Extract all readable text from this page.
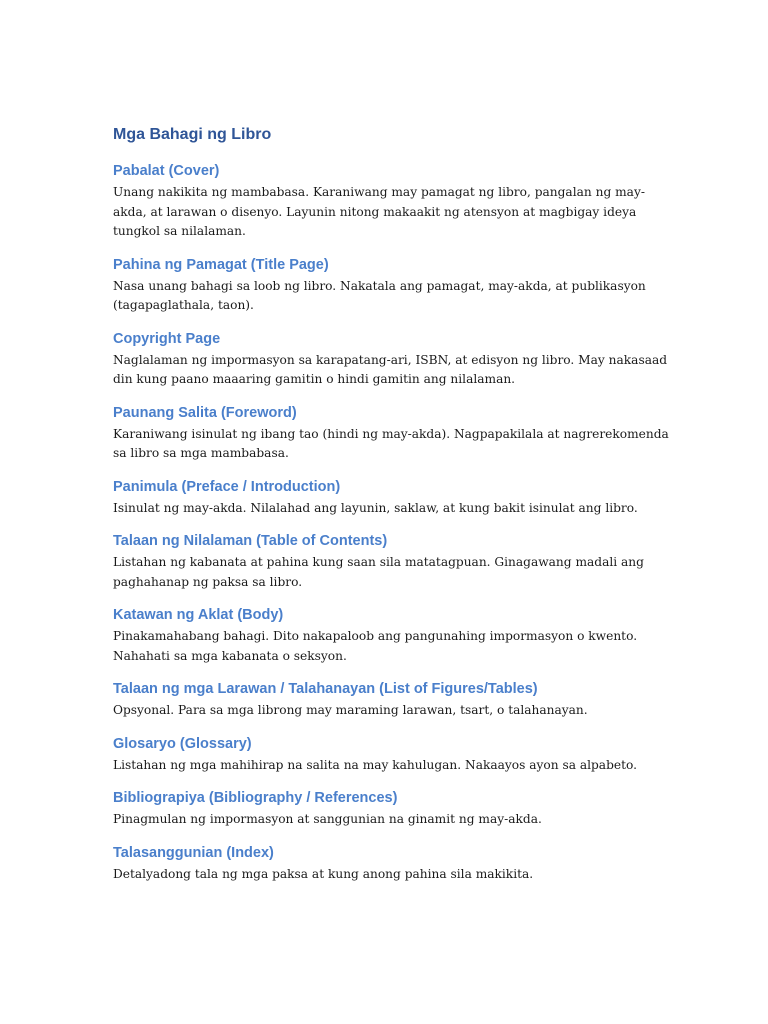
Mga Bahagi ng Libro
Pabalat (Cover)

Unang nakikita ng mambabasa. Karaniwang may pamagat ng libro, pangalan ng may-akda, at larawan o disenyo. Layunin nitong makaakit ng atensyon at magbigay ideya tungkol sa nilalaman.

Pahina ng Pamagat (Title Page)

Nasa unang bahagi sa loob ng libro. Nakatala ang pamagat, may-akda, at publikasyon (tagapaglathala, taon).

Copyright Page

Naglalaman ng impormasyon sa karapatang-ari, ISBN, at edisyon ng libro. May nakasaad din kung paano maaaring gamitin o hindi gamitin ang nilalaman.

Paunang Salita (Foreword)

Karaniwang isinulat ng ibang tao (hindi ng may-akda). Nagpapakilala at nagrerekomenda sa libro sa mga mambabasa.

Panimula (Preface / Introduction)

Isinulat ng may-akda. Nilalahad ang layunin, saklaw, at kung bakit isinulat ang libro.

Talaan ng Nilalaman (Table of Contents)

Listahan ng kabanata at pahina kung saan sila matatagpuan. Ginagawang madali ang paghahanap ng paksa sa libro.

Katawan ng Aklat (Body)

Pinakamahabang bahagi. Dito nakapaloob ang pangunahing impormasyon o kwento. Nahahati sa mga kabanata o seksyon.

Talaan ng mga Larawan / Talahanayan (List of Figures/Tables)

Opsyonal. Para sa mga librong may maraming larawan, tsart, o talahanayan.

Glosaryo (Glossary)

Listahan ng mga mahihirap na salita na may kahulugan. Nakaayos ayon sa alpabeto.

Bibliograpiya (Bibliography / References)

Pinagmulan ng impormasyon at sanggunian na ginamit ng may-akda.

Talasanggunian (Index)

Detalyadong tala ng mga paksa at kung anong pahina sila makikita.
